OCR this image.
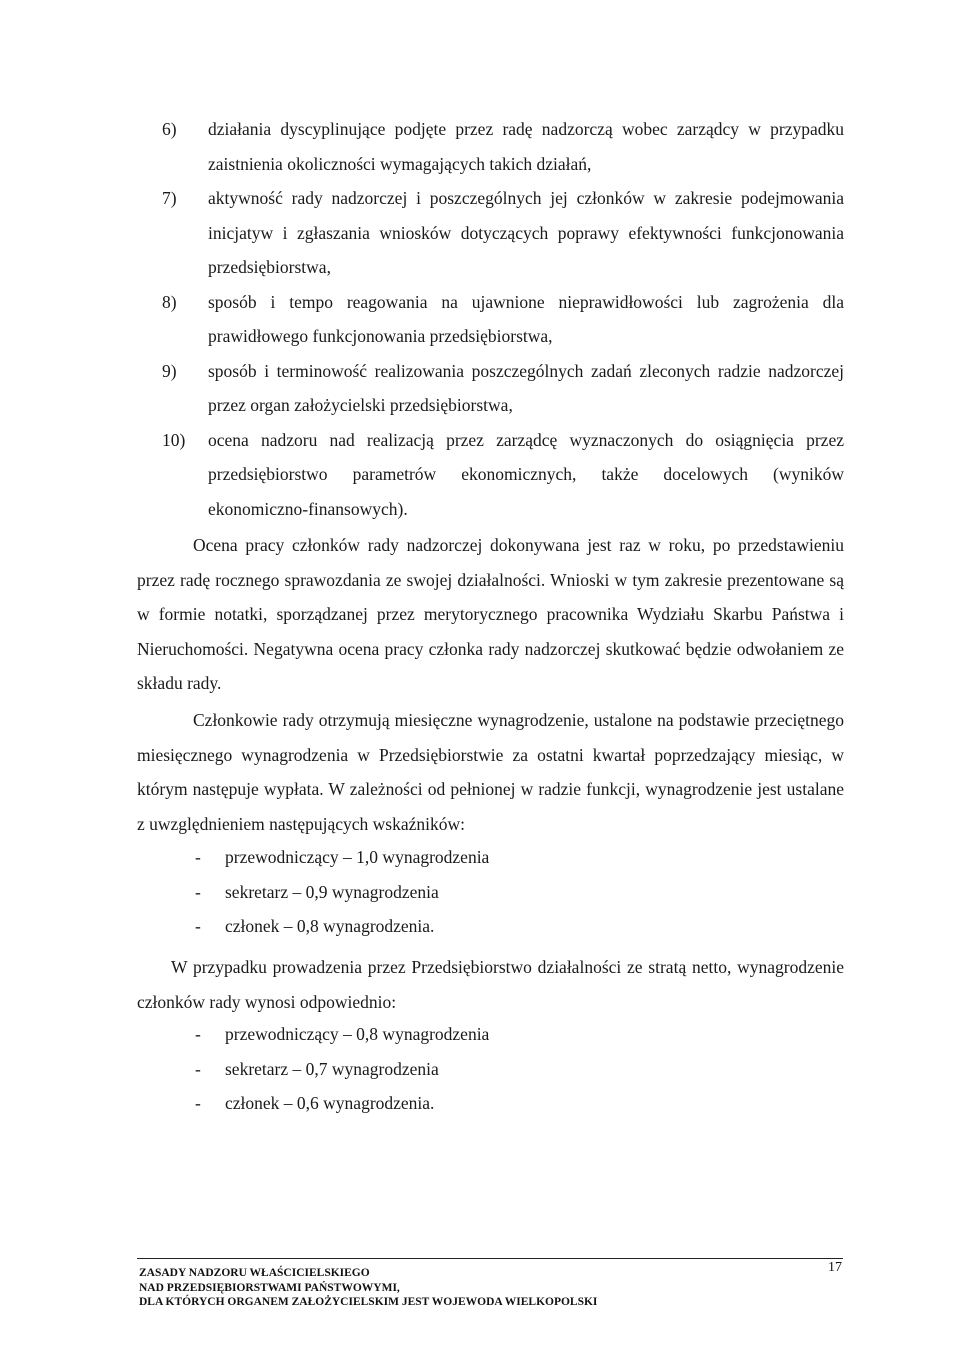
6) działania dyscyplinujące podjęte przez radę nadzorczą wobec zarządcy w przypadku zaistnienia okoliczności wymagających takich działań,
7) aktywność rady nadzorczej i poszczególnych jej członków w zakresie podejmowania inicjatyw i zgłaszania wniosków dotyczących poprawy efektywności funkcjonowania przedsiębiorstwa,
8) sposób i tempo reagowania na ujawnione nieprawidłowości lub zagrożenia dla prawidłowego funkcjonowania przedsiębiorstwa,
9) sposób i terminowość realizowania poszczególnych zadań zleconych radzie nadzorczej przez organ założycielski przedsiębiorstwa,
10) ocena nadzoru nad realizacją przez zarządcę wyznaczonych do osiągnięcia przez przedsiębiorstwo parametrów ekonomicznych, także docelowych (wyników ekonomiczno-finansowych).

Ocena pracy członków rady nadzorczej dokonywana jest raz w roku, po przedstawieniu przez radę rocznego sprawozdania ze swojej działalności. Wnioski w tym zakresie prezentowane są w formie notatki, sporządzanej przez merytorycznego pracownika Wydziału Skarbu Państwa i Nieruchomości. Negatywna ocena pracy członka rady nadzorczej skutkować będzie odwołaniem ze składu rady.

Członkowie rady otrzymują miesięczne wynagrodzenie, ustalone na podstawie przeciętnego miesięcznego wynagrodzenia w Przedsiębiorstwie za ostatni kwartał poprzedzający miesiąc, w którym następuje wypłata. W zależności od pełnionej w radzie funkcji, wynagrodzenie jest ustalane z uwzględnieniem następujących wskaźników:

- przewodniczący – 1,0 wynagrodzenia
- sekretarz – 0,9 wynagrodzenia
- członek – 0,8 wynagrodzenia.

W przypadku prowadzenia przez Przedsiębiorstwo działalności ze stratą netto, wynagrodzenie członków rady wynosi odpowiednio:

- przewodniczący – 0,8 wynagrodzenia
- sekretarz – 0,7 wynagrodzenia
- członek – 0,6 wynagrodzenia.
ZASADY NADZORU WŁAŚCICIELSKIEGO
NAD PRZEDSIĘBIORSTWAMI PAŃSTWOWYMI,
DLA KTÓRYCH ORGANEM ZAŁOŻYCIELSKIM JEST WOJEWODA WIELKOPOLSKI
17
